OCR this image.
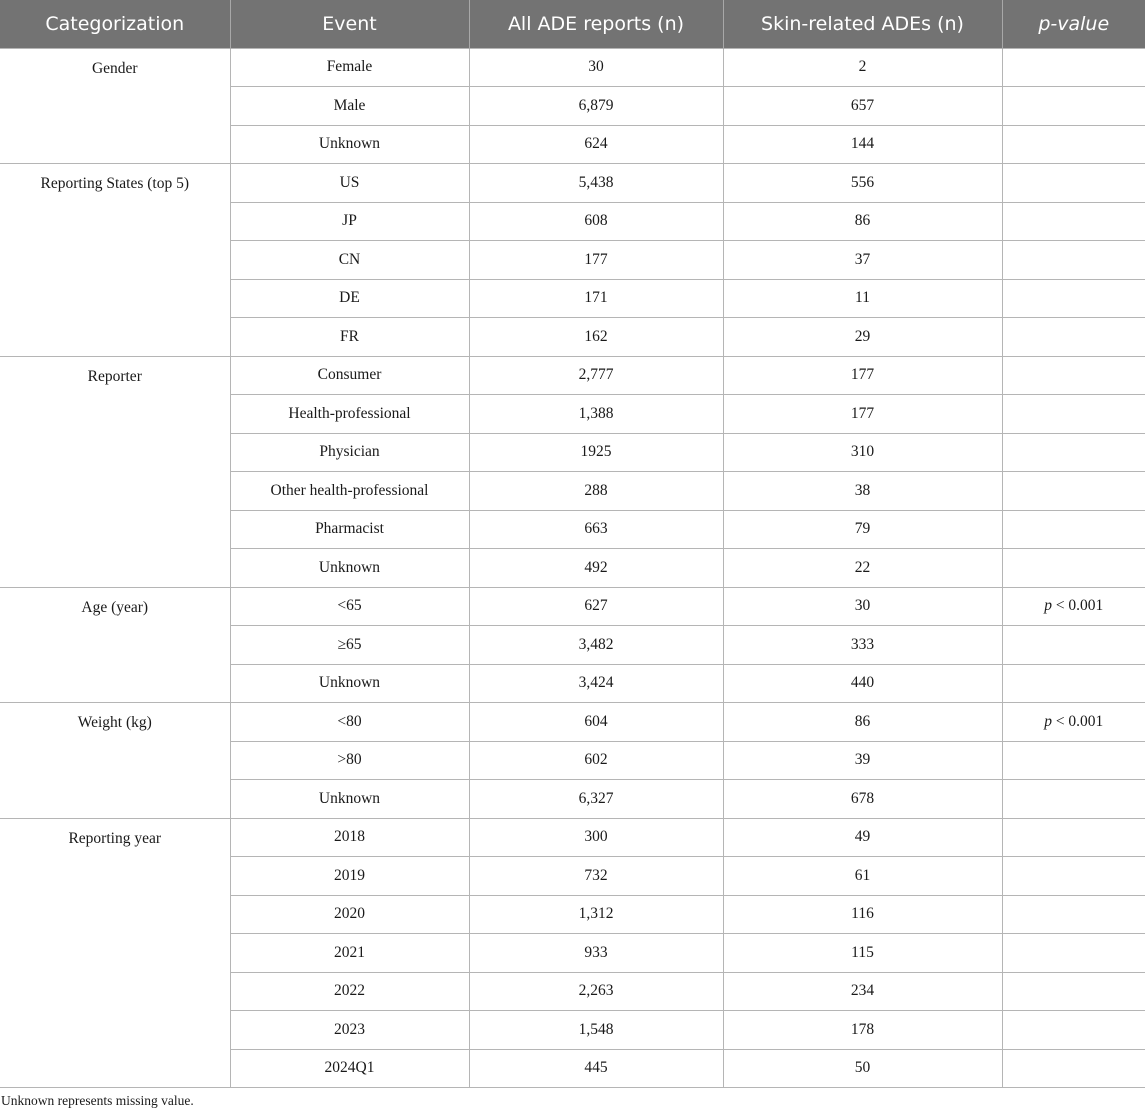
Categorization	Event	All ADE reports (n)	Skin-related ADEs (n)	p-value
Gender	Female	30	2	
	Male	6,879	657	
	Unknown	624	144	
Reporting States (top 5)	US	5,438	556	
	JP	608	86	
	CN	177	37	
	DE	171	11	
	FR	162	29	
Reporter	Consumer	2,777	177	
	Health-professional	1,388	177	
	Physician	1925	310	
	Other health-professional	288	38	
	Pharmacist	663	79	
	Unknown	492	22	
Age (year)	<65	627	30	p < 0.001
	≥65	3,482	333	
	Unknown	3,424	440	
Weight (kg)	<80	604	86	p < 0.001
	>80	602	39	
	Unknown	6,327	678	
Reporting year	2018	300	49	
	2019	732	61	
	2020	1,312	116	
	2021	933	115	
	2022	2,263	234	
	2023	1,548	178	
	2024Q1	445	50	
Unknown represents missing value.
